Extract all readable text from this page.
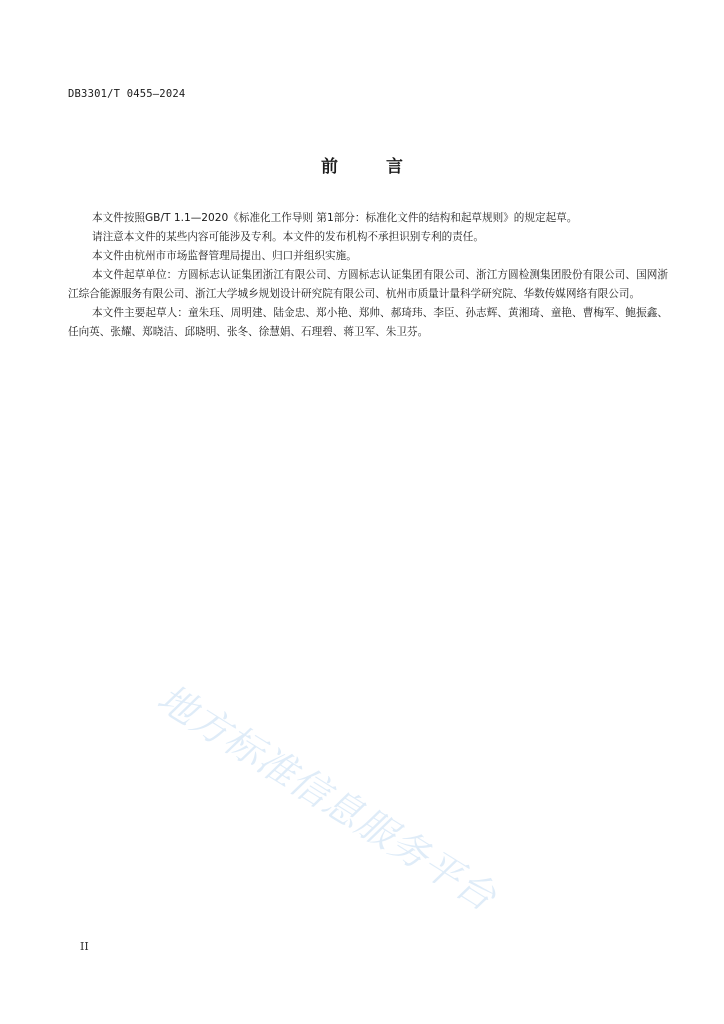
DB3301/T 0455—2024
前言

本文件按照GB/T 1.1—2020《标准化工作导则 第1部分：标准化文件的结构和起草规则》的规定起草。

请注意本文件的某些内容可能涉及专利。本文件的发布机构不承担识别专利的责任。

本文件由杭州市市场监督管理局提出、归口并组织实施。

本文件起草单位：方圆标志认证集团浙江有限公司、方圆标志认证集团有限公司、浙江方圆检测集团股份有限公司、国网浙江综合能源服务有限公司、浙江大学城乡规划设计研究院有限公司、杭州市质量计量科学研究院、华数传媒网络有限公司。

本文件主要起草人：童朱珏、周明建、陆金忠、郑小艳、郑帅、郝琦玮、李臣、孙志辉、黄湘琦、童艳、曹梅军、鲍振鑫、任向英、张耀、郑晓洁、邱晓明、张冬、徐慧娟、石理碧、蒋卫军、朱卫芬。

地方标准信息服务平台
II
